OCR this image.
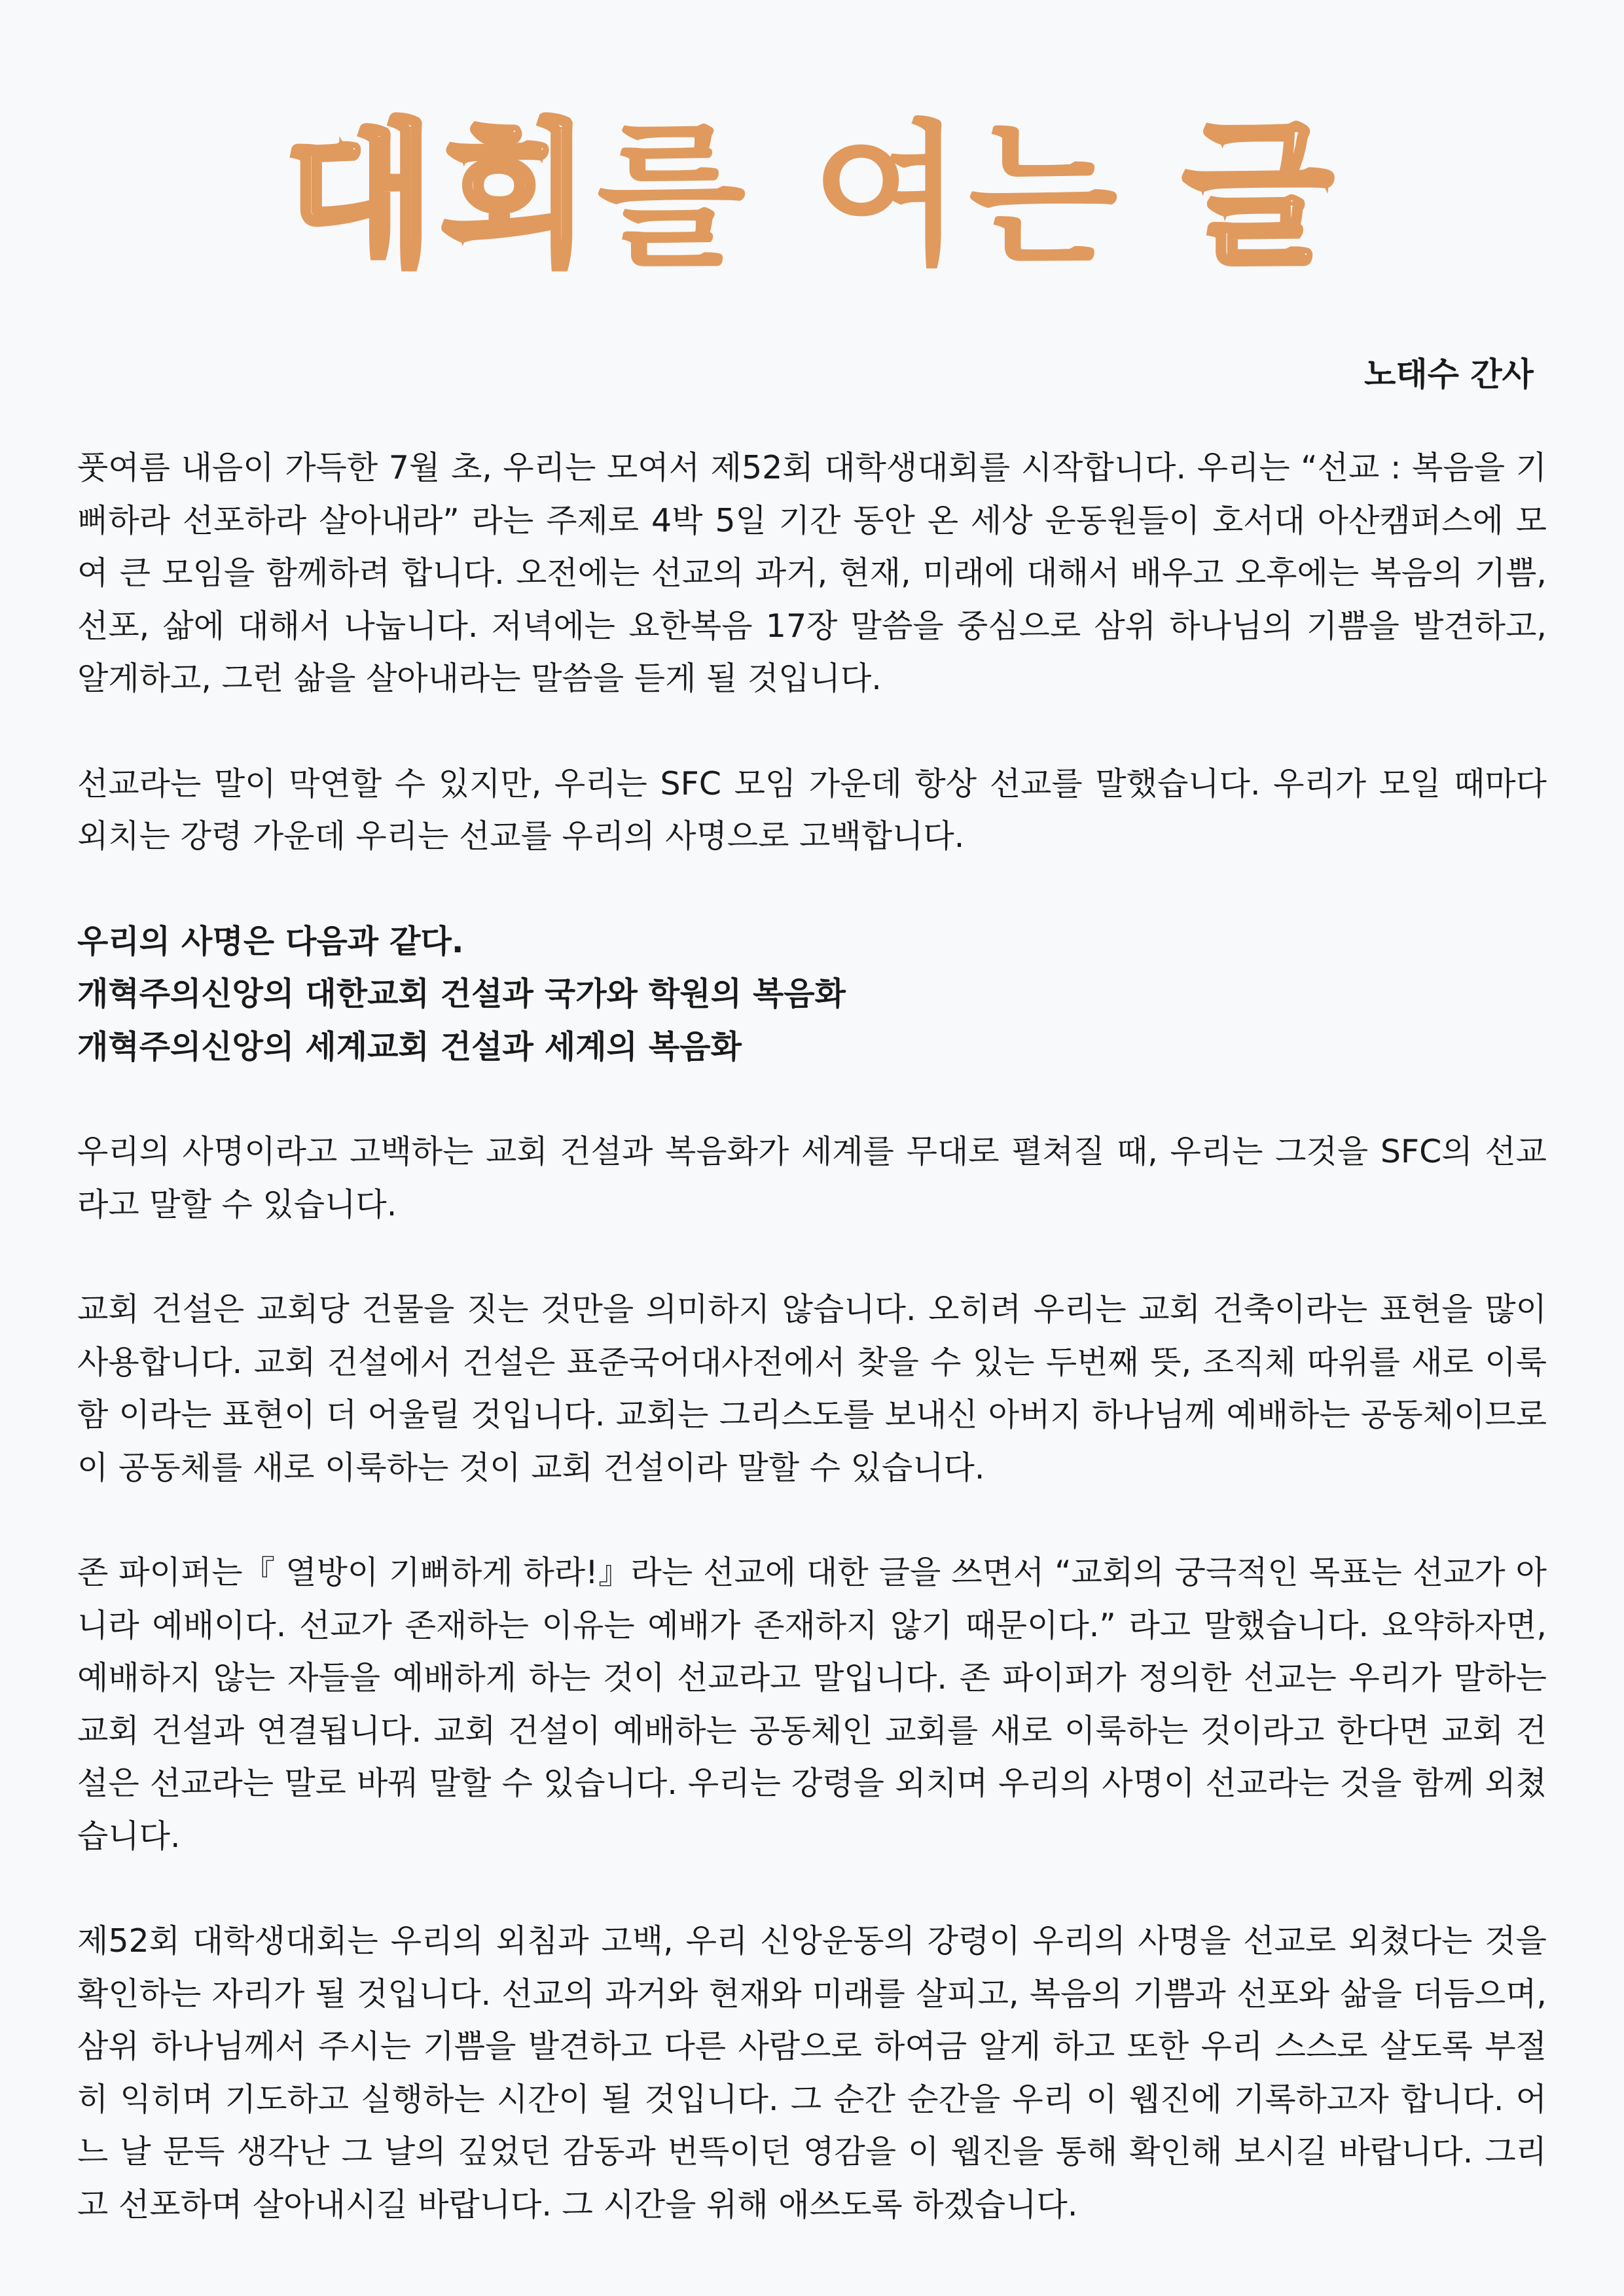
대회를 여는 글
노태수 간사

풋여름 내음이 가득한 7월 초, 우리는 모여서 제52회 대학생대회를 시작합니다. 우리는 “선교 : 복음을 기뻐하라 선포하라 살아내라” 라는 주제로 4박 5일 기간 동안 온 세상 운동원들이 호서대 아산캠퍼스에 모여 큰 모임을 함께하려 합니다. 오전에는 선교의 과거, 현재, 미래에 대해서 배우고 오후에는 복음의 기쁨, 선포, 삶에 대해서 나눕니다. 저녁에는 요한복음 17장 말씀을 중심으로 삼위 하나님의 기쁨을 발견하고, 알게하고, 그런 삶을 살아내라는 말씀을 듣게 될 것입니다.

선교라는 말이 막연할 수 있지만, 우리는 SFC 모임 가운데 항상 선교를 말했습니다. 우리가 모일 때마다 외치는 강령 가운데 우리는 선교를 우리의 사명으로 고백합니다.

우리의 사명은 다음과 같다.
개혁주의신앙의 대한교회 건설과 국가와 학원의 복음화
개혁주의신앙의 세계교회 건설과 세계의 복음화

우리의 사명이라고 고백하는 교회 건설과 복음화가 세계를 무대로 펼쳐질 때, 우리는 그것을 SFC의 선교라고 말할 수 있습니다.

교회 건설은 교회당 건물을 짓는 것만을 의미하지 않습니다. 오히려 우리는 교회 건축이라는 표현을 많이 사용합니다. 교회 건설에서 건설은 표준국어대사전에서 찾을 수 있는 두번째 뜻, 조직체 따위를 새로 이룩함 이라는 표현이 더 어울릴 것입니다. 교회는 그리스도를 보내신 아버지 하나님께 예배하는 공동체이므로 이 공동체를 새로 이룩하는 것이 교회 건설이라 말할 수 있습니다.

존 파이퍼는『 열방이 기뻐하게 하라!』라는 선교에 대한 글을 쓰면서 “교회의 궁극적인 목표는 선교가 아니라 예배이다. 선교가 존재하는 이유는 예배가 존재하지 않기 때문이다.” 라고 말했습니다. 요약하자면, 예배하지 않는 자들을 예배하게 하는 것이 선교라고 말입니다. 존 파이퍼가 정의한 선교는 우리가 말하는 교회 건설과 연결됩니다. 교회 건설이 예배하는 공동체인 교회를 새로 이룩하는 것이라고 한다면 교회 건설은 선교라는 말로 바꿔 말할 수 있습니다. 우리는 강령을 외치며 우리의 사명이 선교라는 것을 함께 외쳤습니다.

제52회 대학생대회는 우리의 외침과 고백, 우리 신앙운동의 강령이 우리의 사명을 선교로 외쳤다는 것을 확인하는 자리가 될 것입니다. 선교의 과거와 현재와 미래를 살피고, 복음의 기쁨과 선포와 삶을 더듬으며, 삼위 하나님께서 주시는 기쁨을 발견하고 다른 사람으로 하여금 알게 하고 또한 우리 스스로 살도록 부절히 익히며 기도하고 실행하는 시간이 될 것입니다. 그 순간 순간을 우리 이 웹진에 기록하고자 합니다. 어느 날 문득 생각난 그 날의 깊었던 감동과 번뜩이던 영감을 이 웹진을 통해 확인해 보시길 바랍니다. 그리고 선포하며 살아내시길 바랍니다. 그 시간을 위해 애쓰도록 하겠습니다.
